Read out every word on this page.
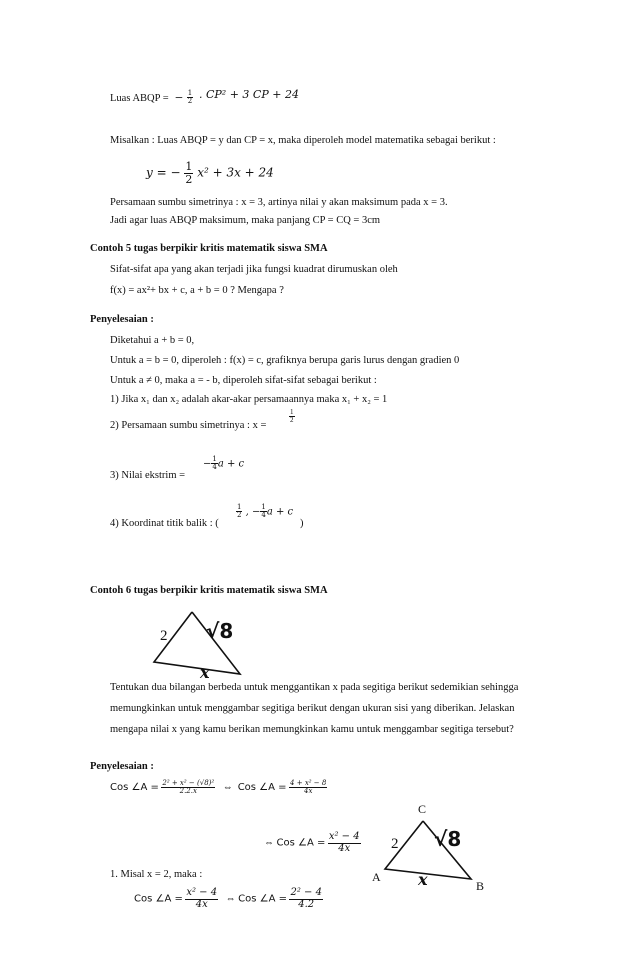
Luas ABQP =  − $\frac{1}{2}$ . CP² + 3 CP + 24
Misalkan : Luas ABQP = y dan CP = x, maka diperoleh model matematika sebagai berikut :
y = − $\frac{1}{2} x^2 + 3x + 24$
Persamaan sumbu simetrinya : x = 3, artinya nilai y akan maksimum pada x = 3.
Jadi agar luas ABQP maksimum, maka panjang CP = CQ = 3cm
Contoh 5 tugas berpikir kritis matematik siswa SMA
Sifat-sifat apa yang akan terjadi jika fungsi kuadrat dirumuskan oleh
f(x) = ax²+ bx + c, a + b = 0 ? Mengapa ?
Penyelesaian :
Diketahui a + b = 0,
Untuk a = b = 0, diperoleh : f(x) = c, grafiknya berupa garis lurus dengan gradien 0
Untuk a ≠ 0, maka a = - b, diperoleh sifat-sifat sebagai berikut :
1) Jika x₁ dan x₂ adalah akar-akar persamaannya maka x₁ + x₂ = 1
2) Persamaan sumbu simetrinya : x =
$\frac{1}{2}$
− $\frac{1}{4}$ a + c
3) Nilai ekstrim =
4) Koordinat titik balik : (
$\frac{1}{2}$ , − $\frac{1}{4}$ a + c
)
Contoh 6 tugas berpikir kritis matematik siswa SMA
2 √8
x
Tentukan dua bilangan berbeda untuk menggantikan x pada segitiga berikut sedemikian sehingga
memungkinkan untuk menggambar segitiga berikut dengan ukuran sisi yang diberikan. Jelaskan
mengapa nilai x yang kamu berikan memungkinkan kamu untuk menggambar segitiga tersebut?
Penyelesaian :
Cos ∠A = $\frac{\text{2² + x² − (√8)²}}{2.2.x}$ ⇔ Cos ∠A = $\frac{\text{4 + x² − 8}}{4x}$
⇔ Cos ∠A = $\frac{\text{x² − 4}}{4x}$
C
A
B
2 √8
x
1. Misal x = 2, maka :
Cos ∠A = $\frac{\text{x² − 4}}{4x}$ ⇔ Cos ∠A = $\frac{\text{2² − 4}}{4.2}$
